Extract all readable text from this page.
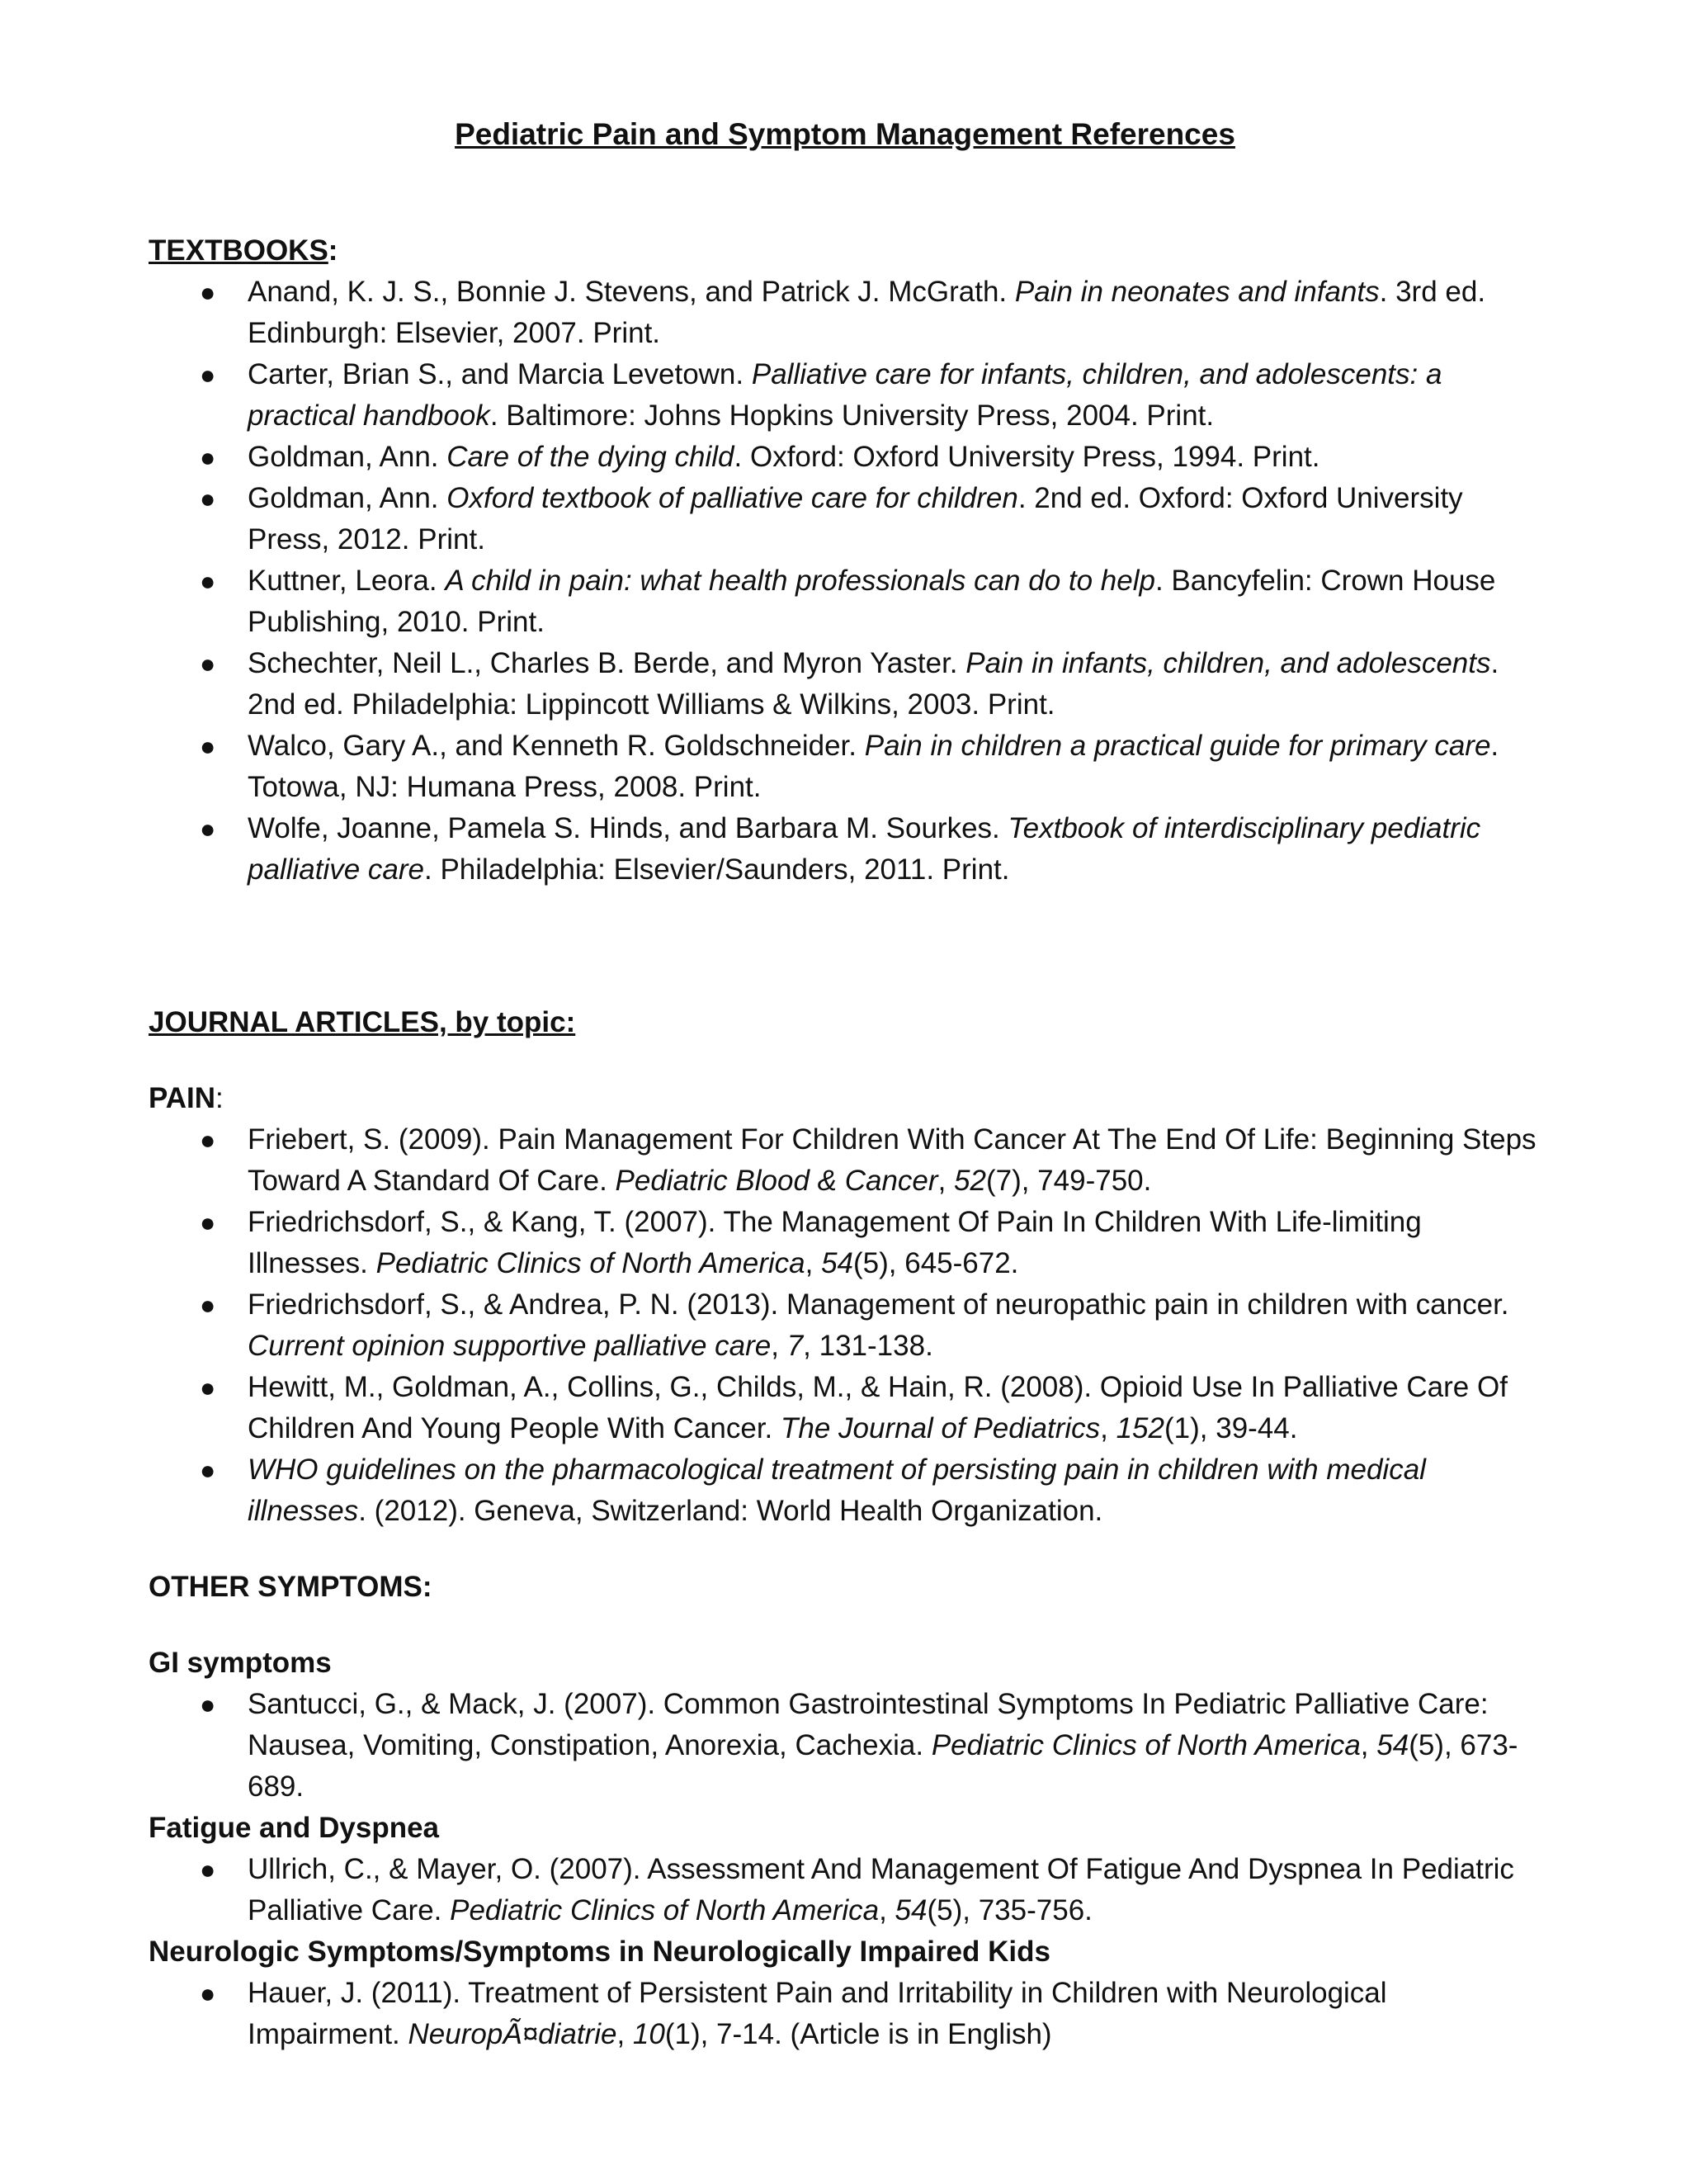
Pediatric Pain and Symptom Management References

TEXTBOOKS:

● Anand, K. J. S., Bonnie J. Stevens, and Patrick J. McGrath. Pain in neonates and infants. 3rd ed. Edinburgh: Elsevier, 2007. Print.
● Carter, Brian S., and Marcia Levetown. Palliative care for infants, children, and adolescents: a practical handbook. Baltimore: Johns Hopkins University Press, 2004. Print.
● Goldman, Ann. Care of the dying child. Oxford: Oxford University Press, 1994. Print.
● Goldman, Ann. Oxford textbook of palliative care for children. 2nd ed. Oxford: Oxford University Press, 2012. Print.
● Kuttner, Leora. A child in pain: what health professionals can do to help. Bancyfelin: Crown House Publishing, 2010. Print.
● Schechter, Neil L., Charles B. Berde, and Myron Yaster. Pain in infants, children, and adolescents. 2nd ed. Philadelphia: Lippincott Williams & Wilkins, 2003. Print.
● Walco, Gary A., and Kenneth R. Goldschneider. Pain in children a practical guide for primary care. Totowa, NJ: Humana Press, 2008. Print.
● Wolfe, Joanne, Pamela S. Hinds, and Barbara M. Sourkes. Textbook of interdisciplinary pediatric palliative care. Philadelphia: Elsevier/Saunders, 2011. Print.

JOURNAL ARTICLES, by topic:

PAIN:

● Friebert, S. (2009). Pain Management For Children With Cancer At The End Of Life: Beginning Steps Toward A Standard Of Care. Pediatric Blood & Cancer, 52(7), 749-750.
● Friedrichsdorf, S., & Kang, T. (2007). The Management Of Pain In Children With Life-limiting Illnesses. Pediatric Clinics of North America, 54(5), 645-672.
● Friedrichsdorf, S., & Andrea, P. N. (2013). Management of neuropathic pain in children with cancer. Current opinion supportive palliative care, 7, 131-138.
● Hewitt, M., Goldman, A., Collins, G., Childs, M., & Hain, R. (2008). Opioid Use In Palliative Care Of Children And Young People With Cancer. The Journal of Pediatrics, 152(1), 39-44.
● WHO guidelines on the pharmacological treatment of persisting pain in children with medical illnesses. (2012). Geneva, Switzerland: World Health Organization.

OTHER SYMPTOMS:

GI symptoms

● Santucci, G., & Mack, J. (2007). Common Gastrointestinal Symptoms In Pediatric Palliative Care: Nausea, Vomiting, Constipation, Anorexia, Cachexia. Pediatric Clinics of North America, 54(5), 673-689.

Fatigue and Dyspnea

● Ullrich, C., & Mayer, O. (2007). Assessment And Management Of Fatigue And Dyspnea In Pediatric Palliative Care. Pediatric Clinics of North America, 54(5), 735-756.

Neurologic Symptoms/Symptoms in Neurologically Impaired Kids

● Hauer, J. (2011). Treatment of Persistent Pain and Irritability in Children with Neurological Impairment. NeuropÃ¤diatrie, 10(1), 7-14. (Article is in English)
